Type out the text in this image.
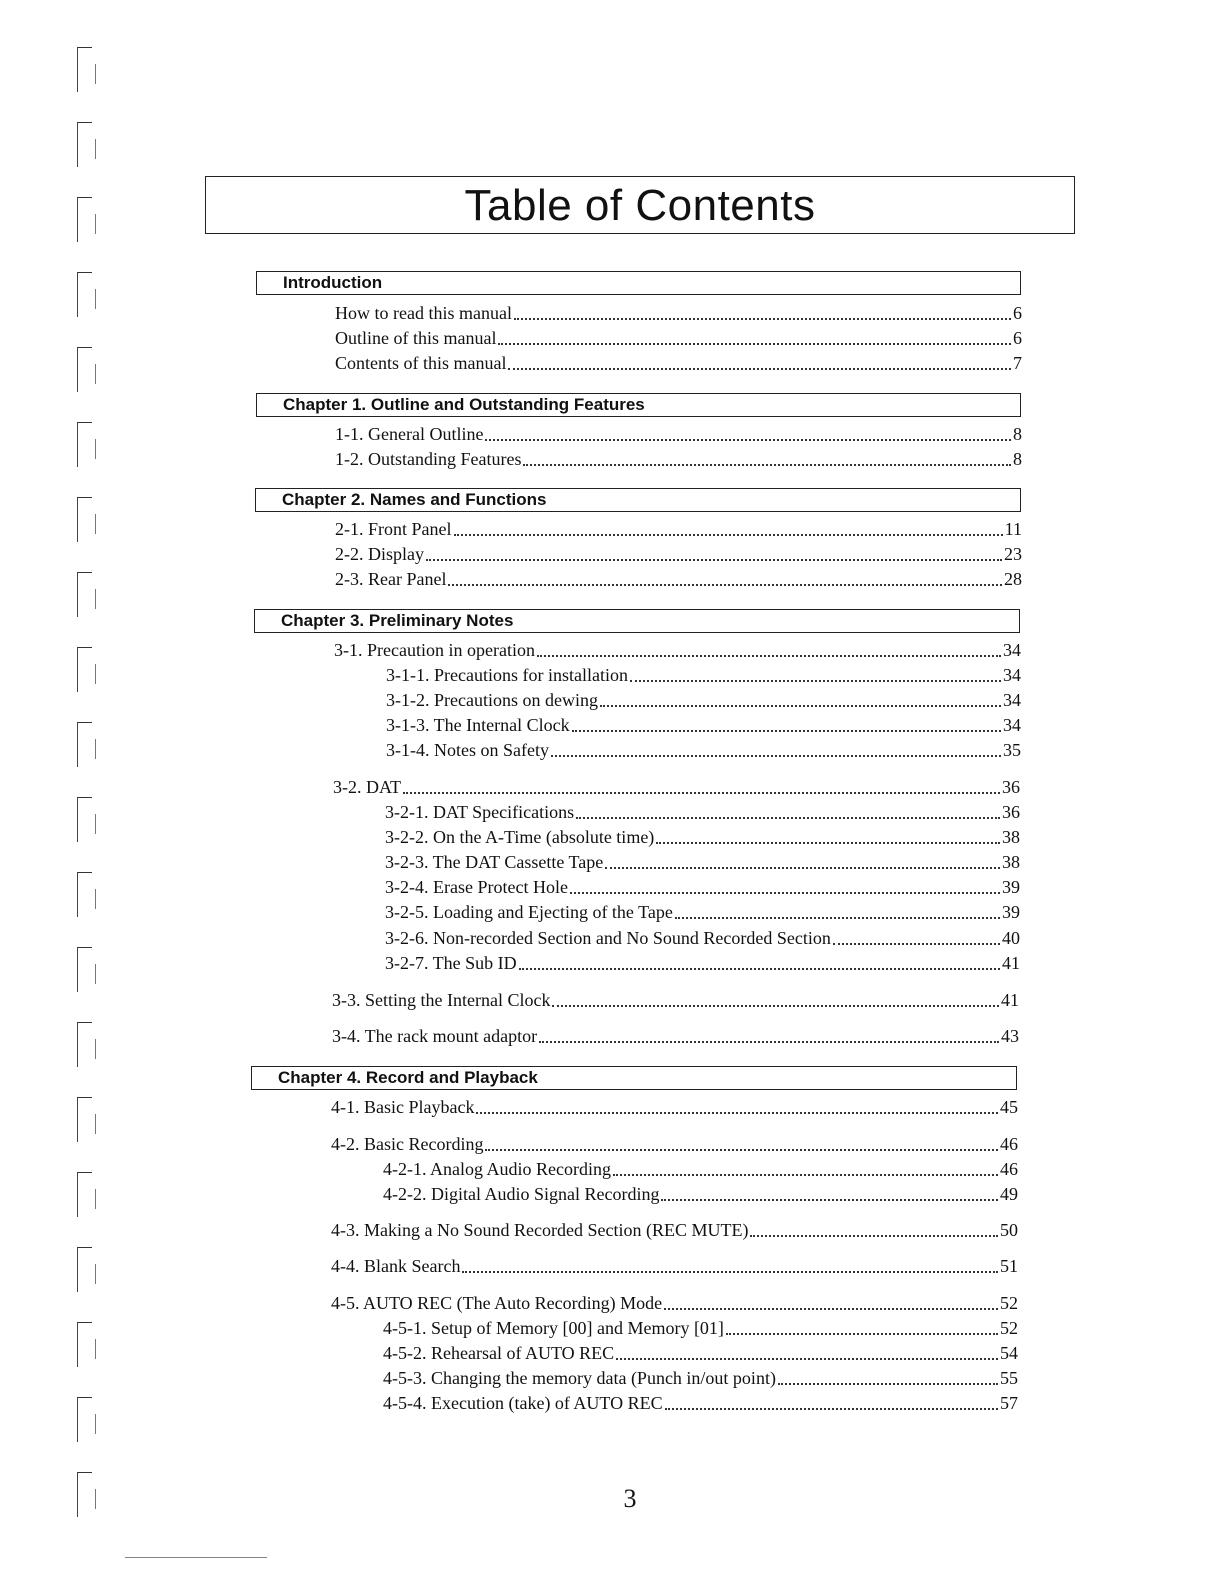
Table of Contents
Introduction
How to read this manual	6
Outline of this manual	6
Contents of this manual	7
Chapter 1. Outline and Outstanding Features
1-1. General Outline	8
1-2. Outstanding Features	8
Chapter 2. Names and Functions
2-1. Front Panel	11
2-2. Display	23
2-3. Rear Panel	28
Chapter 3. Preliminary Notes
3-1. Precaution in operation	34
3-1-1. Precautions for installation	34
3-1-2. Precautions on dewing	34
3-1-3. The Internal Clock	34
3-1-4. Notes on Safety	35
3-2. DAT	36
3-2-1. DAT Specifications	36
3-2-2. On the A-Time (absolute time)	38
3-2-3. The DAT Cassette Tape	38
3-2-4. Erase Protect Hole	39
3-2-5. Loading and Ejecting of the Tape	39
3-2-6. Non-recorded Section and No Sound Recorded Section	40
3-2-7. The Sub ID	41
3-3. Setting the Internal Clock	41
3-4. The rack mount adaptor	43
Chapter 4. Record and Playback
4-1. Basic Playback	45
4-2. Basic Recording	46
4-2-1. Analog Audio Recording	46
4-2-2. Digital Audio Signal Recording	49
4-3. Making a No Sound Recorded Section (REC MUTE)	50
4-4. Blank Search	51
4-5. AUTO REC (The Auto Recording) Mode	52
4-5-1. Setup of Memory [00] and Memory [01]	52
4-5-2. Rehearsal of AUTO REC	54
4-5-3. Changing the memory data (Punch in/out point)	55
4-5-4. Execution (take) of AUTO REC	57
3
